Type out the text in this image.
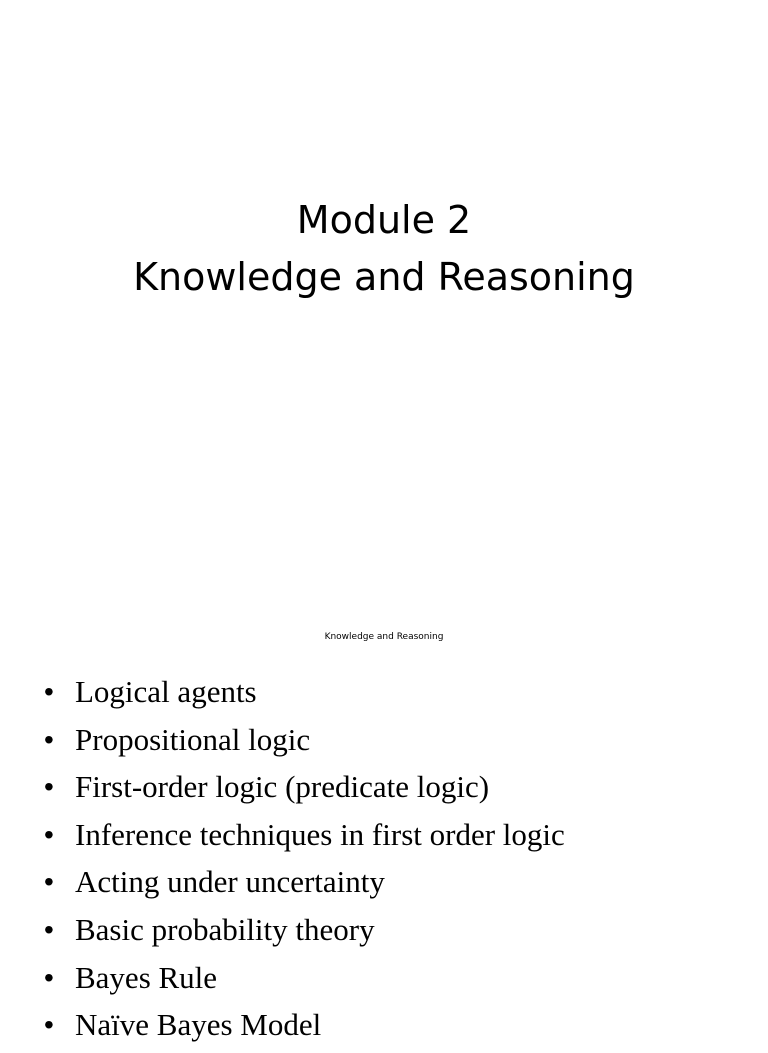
Module 2
Knowledge and Reasoning
Knowledge and Reasoning
• Logical agents
• Propositional logic
• First-order logic (predicate logic)
• Inference techniques in first order logic
• Acting under uncertainty
• Basic probability theory
• Bayes Rule
• Naïve Bayes Model
